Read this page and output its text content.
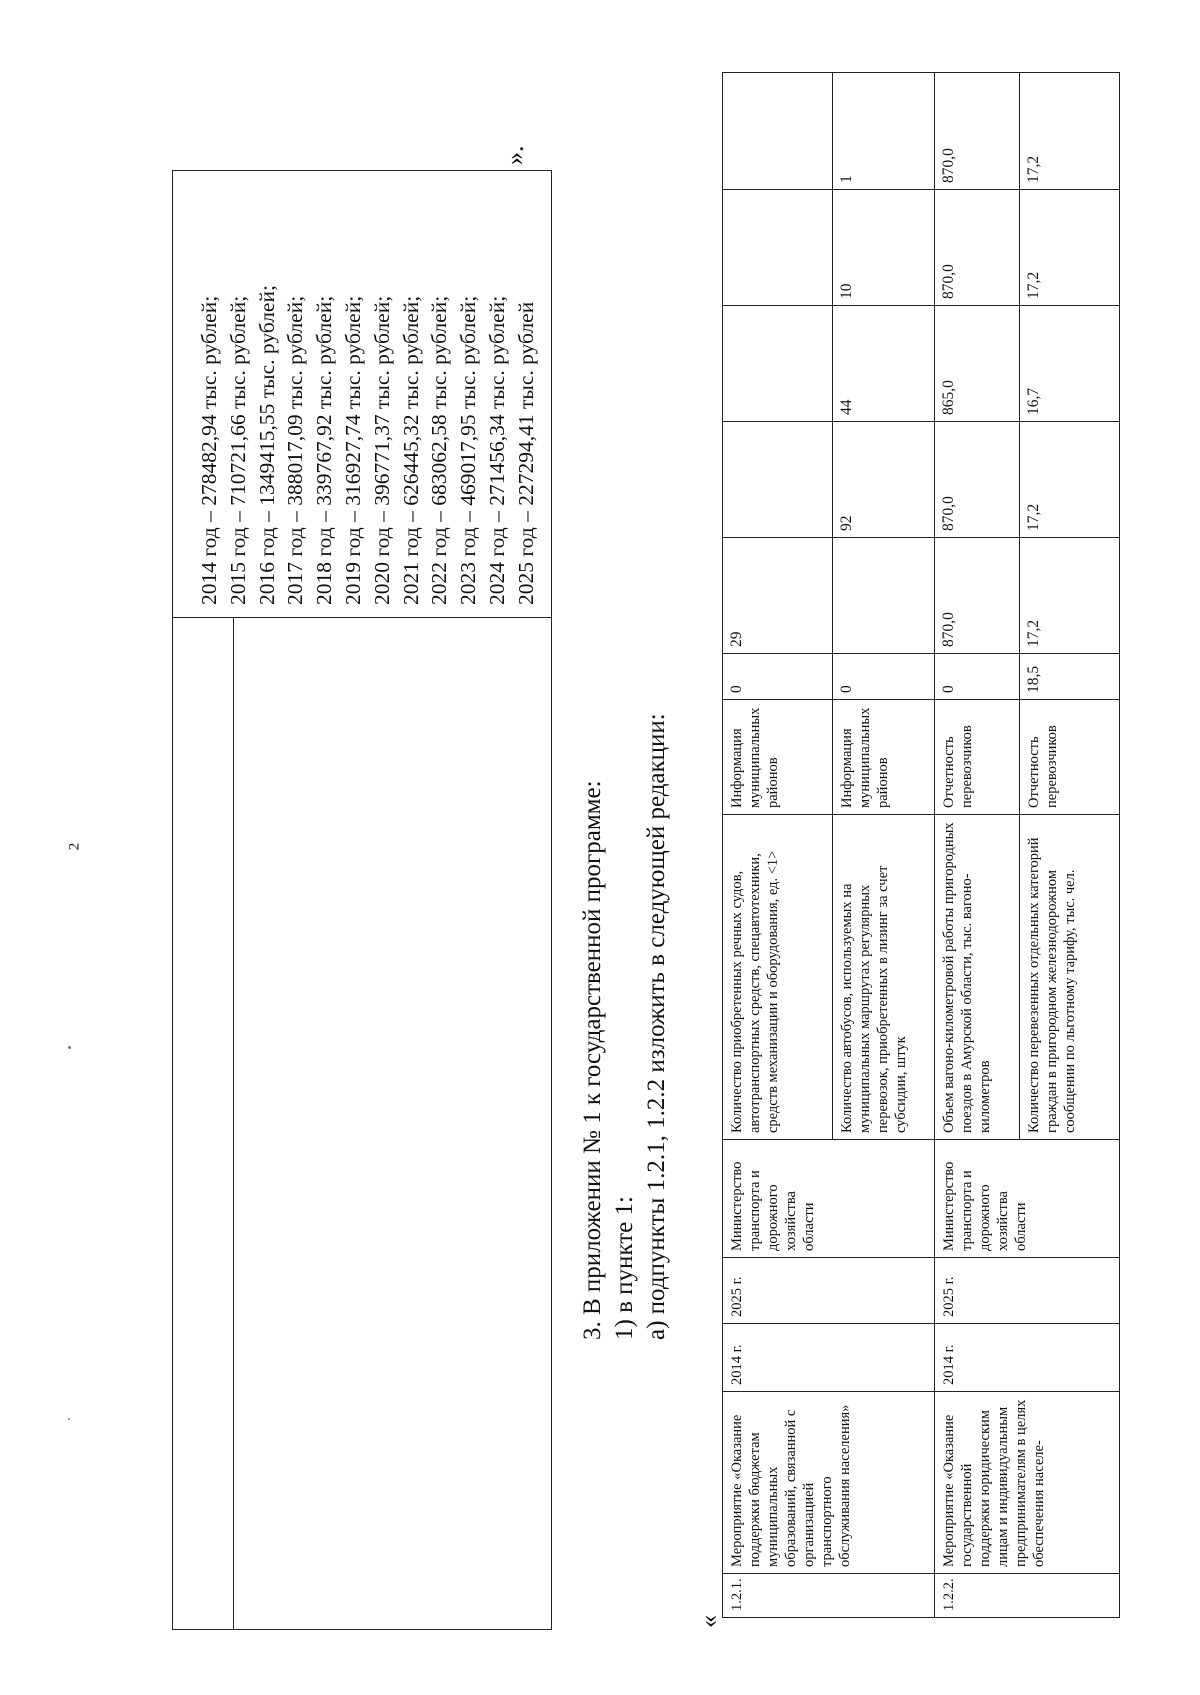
2
2014 год – 278482,94 тыс. рублей; 2015 год – 710721,66 тыс. рублей; 2016 год – 1349415,55 тыс. рублей; 2017 год – 388017,09 тыс. рублей; 2018 год – 339767,92 тыс. рублей; 2019 год – 316927,74 тыс. рублей; 2020 год – 396771,37 тыс. рублей; 2021 год – 626445,32 тыс. рублей; 2022 год – 683062,58 тыс. рублей; 2023 год – 469017,95 тыс. рублей; 2024 год – 271456,34 тыс. рублей; 2025 год – 227294,41 тыс. рублей
».
3. В приложении № 1 к государственной программе: 1) в пункте 1: а) подпункты 1.2.1, 1.2.2 изложить в следующей редакции:
«
1.2.1.	Мероприятие «Оказание поддержки бюджетам муниципальных образований, связанной с организацией транспортного обслуживания населения»	2014 г.	2025 г.	Министерство транспорта и дорожного хозяйства области	Количество приобретенных речных судов, автотранспортных средств, спецавтотехники, средств механизации и оборудования, ед. <1>	Информация муниципальных районов	0	29				
					Количество автобусов, используемых на муниципальных маршрутах регулярных перевозок, приобретенных в лизинг за счет субсидии, штук	Информация муниципальных районов	0		92	44	10	1
1.2.2.	Мероприятие «Оказание государственной поддержки юридическим лицам и индивидуальным предпринимателям в целях обеспечения населе-	2014 г.	2025 г.	Министерство транспорта и дорожного хозяйства области	Объем вагоно-километровой работы пригородных поездов в Амурской области, тыс. вагоно-километров	Отчетность перевозчиков	0	870,0	870,0	865,0	870,0	870,0
					Количество перевезенных отдельных категорий граждан в пригородном железнодорожном сообщении по льготному тарифу, тыс. чел.	Отчетность перевозчиков	18,5	17,2	17,2	16,7	17,2	17,2
